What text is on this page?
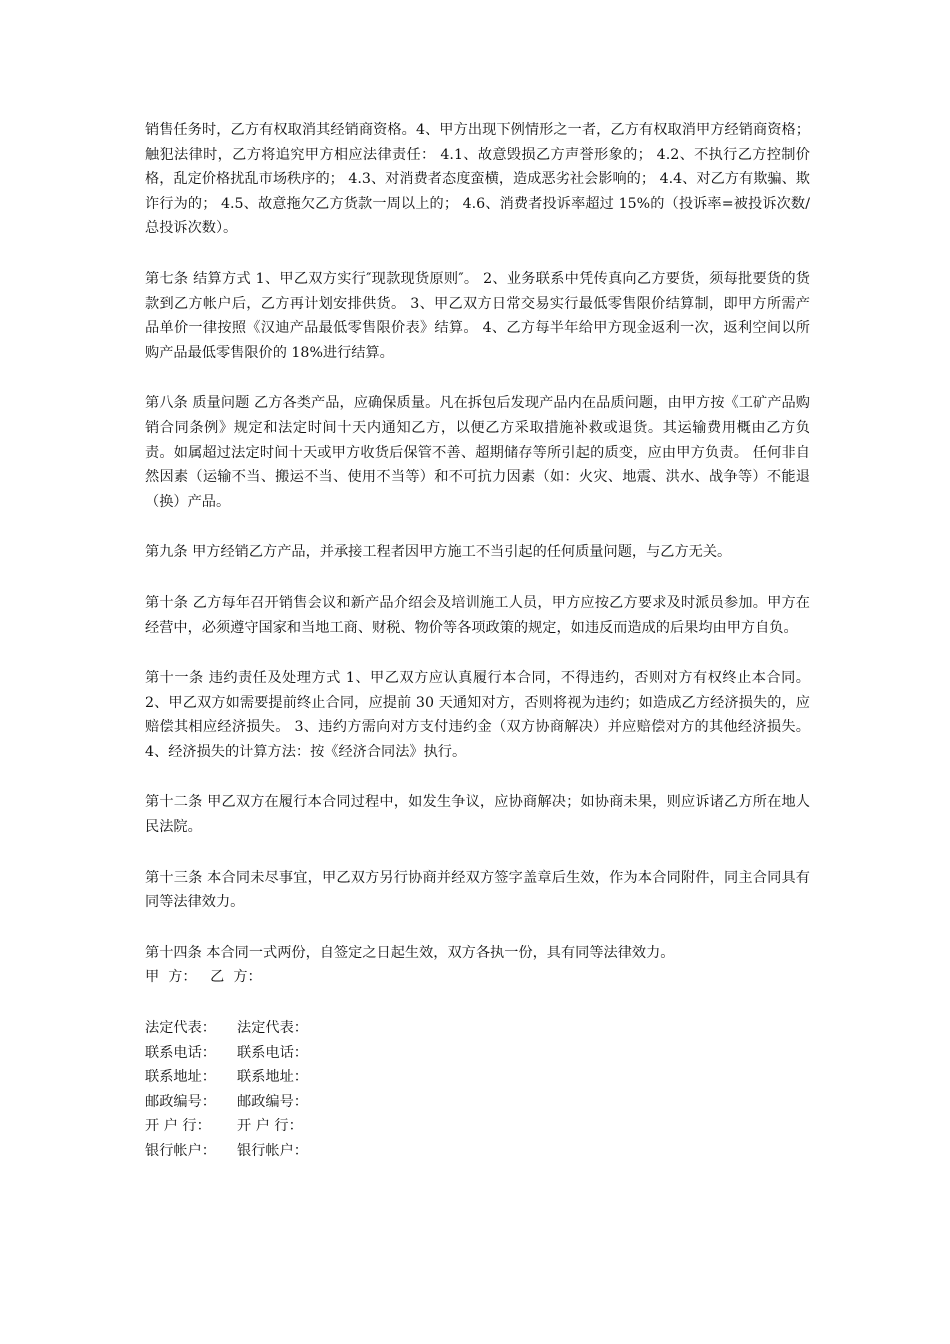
销售任务时，乙方有权取消其经销商资格。4、甲方出现下例情形之一者，乙方有权取消甲方经销商资格；触犯法律时，乙方将追究甲方相应法律责任： 4.1、故意毁损乙方声誉形象的； 4.2、不执行乙方控制价格，乱定价格扰乱市场秩序的； 4.3、对消费者态度蛮横，造成恶劣社会影响的； 4.4、对乙方有欺骗、欺诈行为的； 4.5、故意拖欠乙方货款一周以上的； 4.6、消费者投诉率超过 15%的（投诉率=被投诉次数/总投诉次数）。

第七条 结算方式 1、甲乙双方实行″现款现货原则″。 2、业务联系中凭传真向乙方要货，须每批要货的货款到乙方帐户后，乙方再计划安排供货。 3、甲乙双方日常交易实行最低零售限价结算制，即甲方所需产品单价一律按照《汉迪产品最低零售限价表》结算。 4、乙方每半年给甲方现金返利一次，返利空间以所购产品最低零售限价的 18%进行结算。

第八条 质量问题 乙方各类产品，应确保质量。凡在拆包后发现产品内在品质问题，由甲方按《工矿产品购销合同条例》规定和法定时间十天内通知乙方，以便乙方采取措施补救或退货。其运输费用概由乙方负责。如属超过法定时间十天或甲方收货后保管不善、超期储存等所引起的质变，应由甲方负责。 任何非自然因素（运输不当、搬运不当、使用不当等）和不可抗力因素（如：火灾、地震、洪水、战争等）不能退（换）产品。

第九条 甲方经销乙方产品，并承接工程者因甲方施工不当引起的任何质量问题，与乙方无关。

第十条 乙方每年召开销售会议和新产品介绍会及培训施工人员，甲方应按乙方要求及时派员参加。甲方在经营中，必须遵守国家和当地工商、财税、物价等各项政策的规定，如违反而造成的后果均由甲方自负。

第十一条 违约责任及处理方式 1、甲乙双方应认真履行本合同，不得违约，否则对方有权终止本合同。2、甲乙双方如需要提前终止合同，应提前 30 天通知对方，否则将视为违约；如造成乙方经济损失的，应赔偿其相应经济损失。 3、违约方需向对方支付违约金（双方协商解决）并应赔偿对方的其他经济损失。 4、经济损失的计算方法：按《经济合同法》执行。

第十二条 甲乙双方在履行本合同过程中，如发生争议，应协商解决；如协商未果，则应诉诸乙方所在地人民法院。

第十三条 本合同未尽事宜，甲乙双方另行协商并经双方签字盖章后生效，作为本合同附件，同主合同具有同等法律效力。

第十四条 本合同一式两份，自签定之日起生效，双方各执一份，具有同等法律效力。

甲  方： 乙  方：
法定代表：	法定代表：
联系电话：	联系电话：
联系地址：	联系地址：
邮政编号：	邮政编号：
开 户 行：	开 户 行：
银行帐户：	银行帐户：
